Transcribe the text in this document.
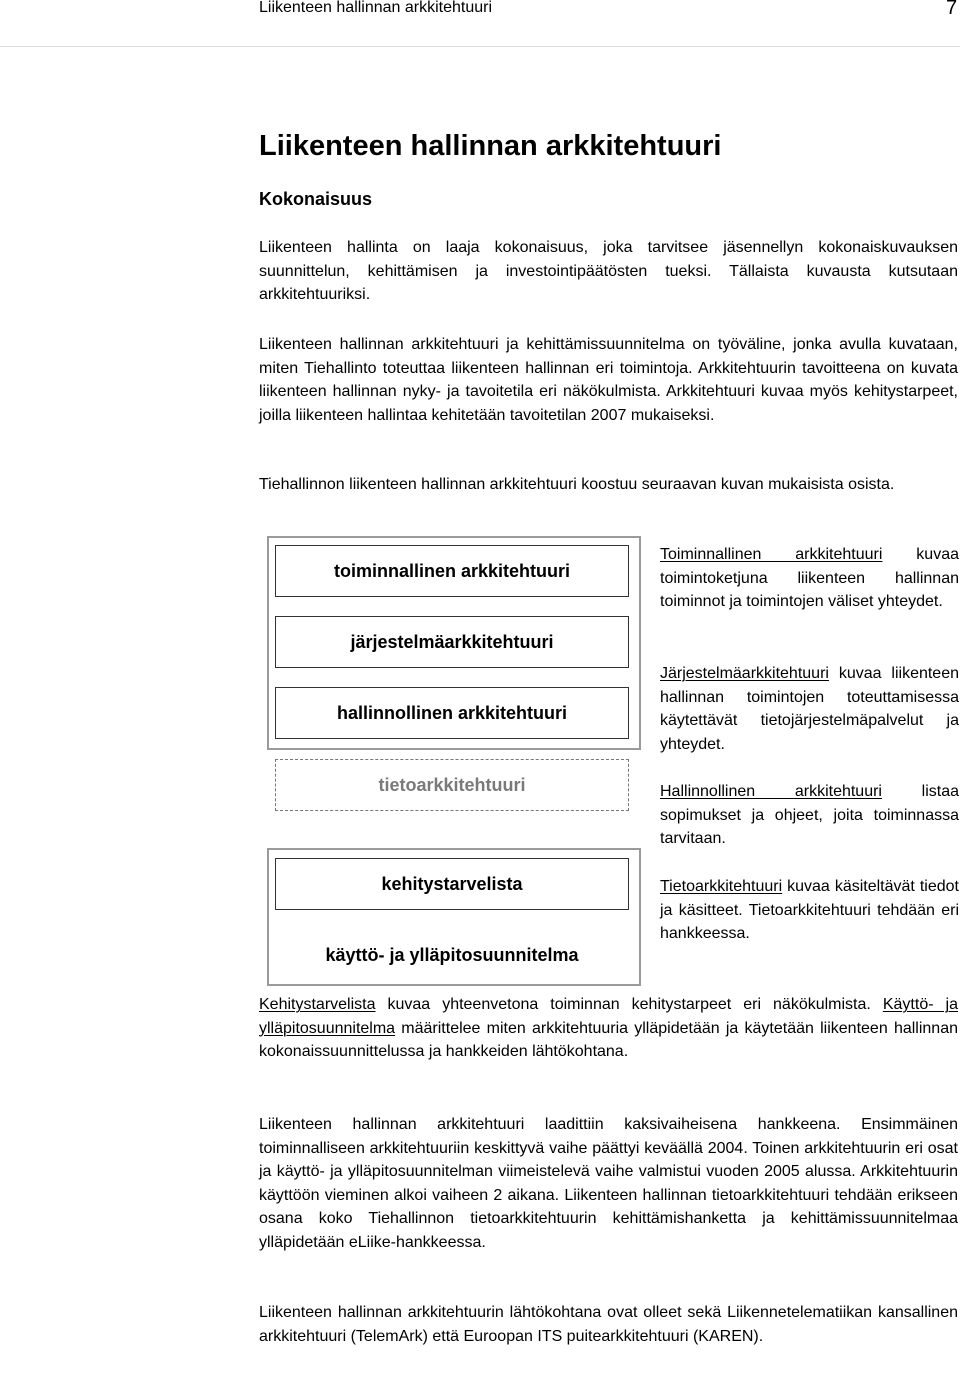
Liikenteen hallinnan arkkitehtuuri	7
Liikenteen hallinnan arkkitehtuuri
Kokonaisuus

Liikenteen hallinta on laaja kokonaisuus, joka tarvitsee jäsennellyn kokonaiskuvauksen suunnittelun, kehittämisen ja investointipäätösten tueksi. Tällaista kuvausta kutsutaan arkkitehtuuriksi.

Liikenteen hallinnan arkkitehtuuri ja kehittämissuunnitelma on työväline, jonka avulla kuvataan, miten Tiehallinto toteuttaa liikenteen hallinnan eri toimintoja. Arkkitehtuurin tavoitteena on kuvata liikenteen hallinnan nyky- ja tavoitetila eri näkökulmista. Arkkitehtuuri kuvaa myös kehitystarpeet, joilla liikenteen hallintaa kehitetään tavoitetilan 2007 mukaiseksi.

Tiehallinnon liikenteen hallinnan arkkitehtuuri koostuu seuraavan kuvan mukaisista osista.

toiminnallinen arkkitehtuuri
järjestelmäarkkitehtuuri
hallinnollinen arkkitehtuuri
tietoarkkitehtuuri
kehitystarvelista
käyttö- ja ylläpitosuunnitelma

Toiminnallinen arkkitehtuuri kuvaa toimintoketjuna liikenteen hallinnan toiminnot ja toimintojen väliset yhteydet.

Järjestelmäarkkitehtuuri kuvaa liikenteen hallinnan toimintojen toteuttamisessa käytettävät tietojärjestelmäpalvelut ja yhteydet.

Hallinnollinen arkkitehtuuri listaa sopimukset ja ohjeet, joita toiminnassa tarvitaan.

Tietoarkkitehtuuri kuvaa käsiteltävät tiedot ja käsitteet. Tietoarkkitehtuuri tehdään eri hankkeessa.

Kehitystarvelista kuvaa yhteenvetona toiminnan kehitystarpeet eri näkökulmista. Käyttö- ja ylläpitosuunnitelma määrittelee miten arkkitehtuuria ylläpidetään ja käytetään liikenteen hallinnan kokonaissuunnittelussa ja hankkeiden lähtökohtana.

Liikenteen hallinnan arkkitehtuuri laadittiin kaksivaiheisena hankkeena. Ensimmäinen toiminnalliseen arkkitehtuuriin keskittyvä vaihe päättyi keväällä 2004. Toinen arkkitehtuurin eri osat ja käyttö- ja ylläpitosuunnitelman viimeistelevä vaihe valmistui vuoden 2005 alussa. Arkkitehtuurin käyttöön vieminen alkoi vaiheen 2 aikana. Liikenteen hallinnan tietoarkkitehtuuri tehdään erikseen osana koko Tiehallinnon tietoarkkitehtuurin kehittämishanketta ja kehittämissuunnitelmaa ylläpidetään eLiike-hankkeessa.

Liikenteen hallinnan arkkitehtuurin lähtökohtana ovat olleet sekä Liikennetelematiikan kansallinen arkkitehtuuri (TelemArk) että Euroopan ITS puitearkkitehtuuri (KAREN).
